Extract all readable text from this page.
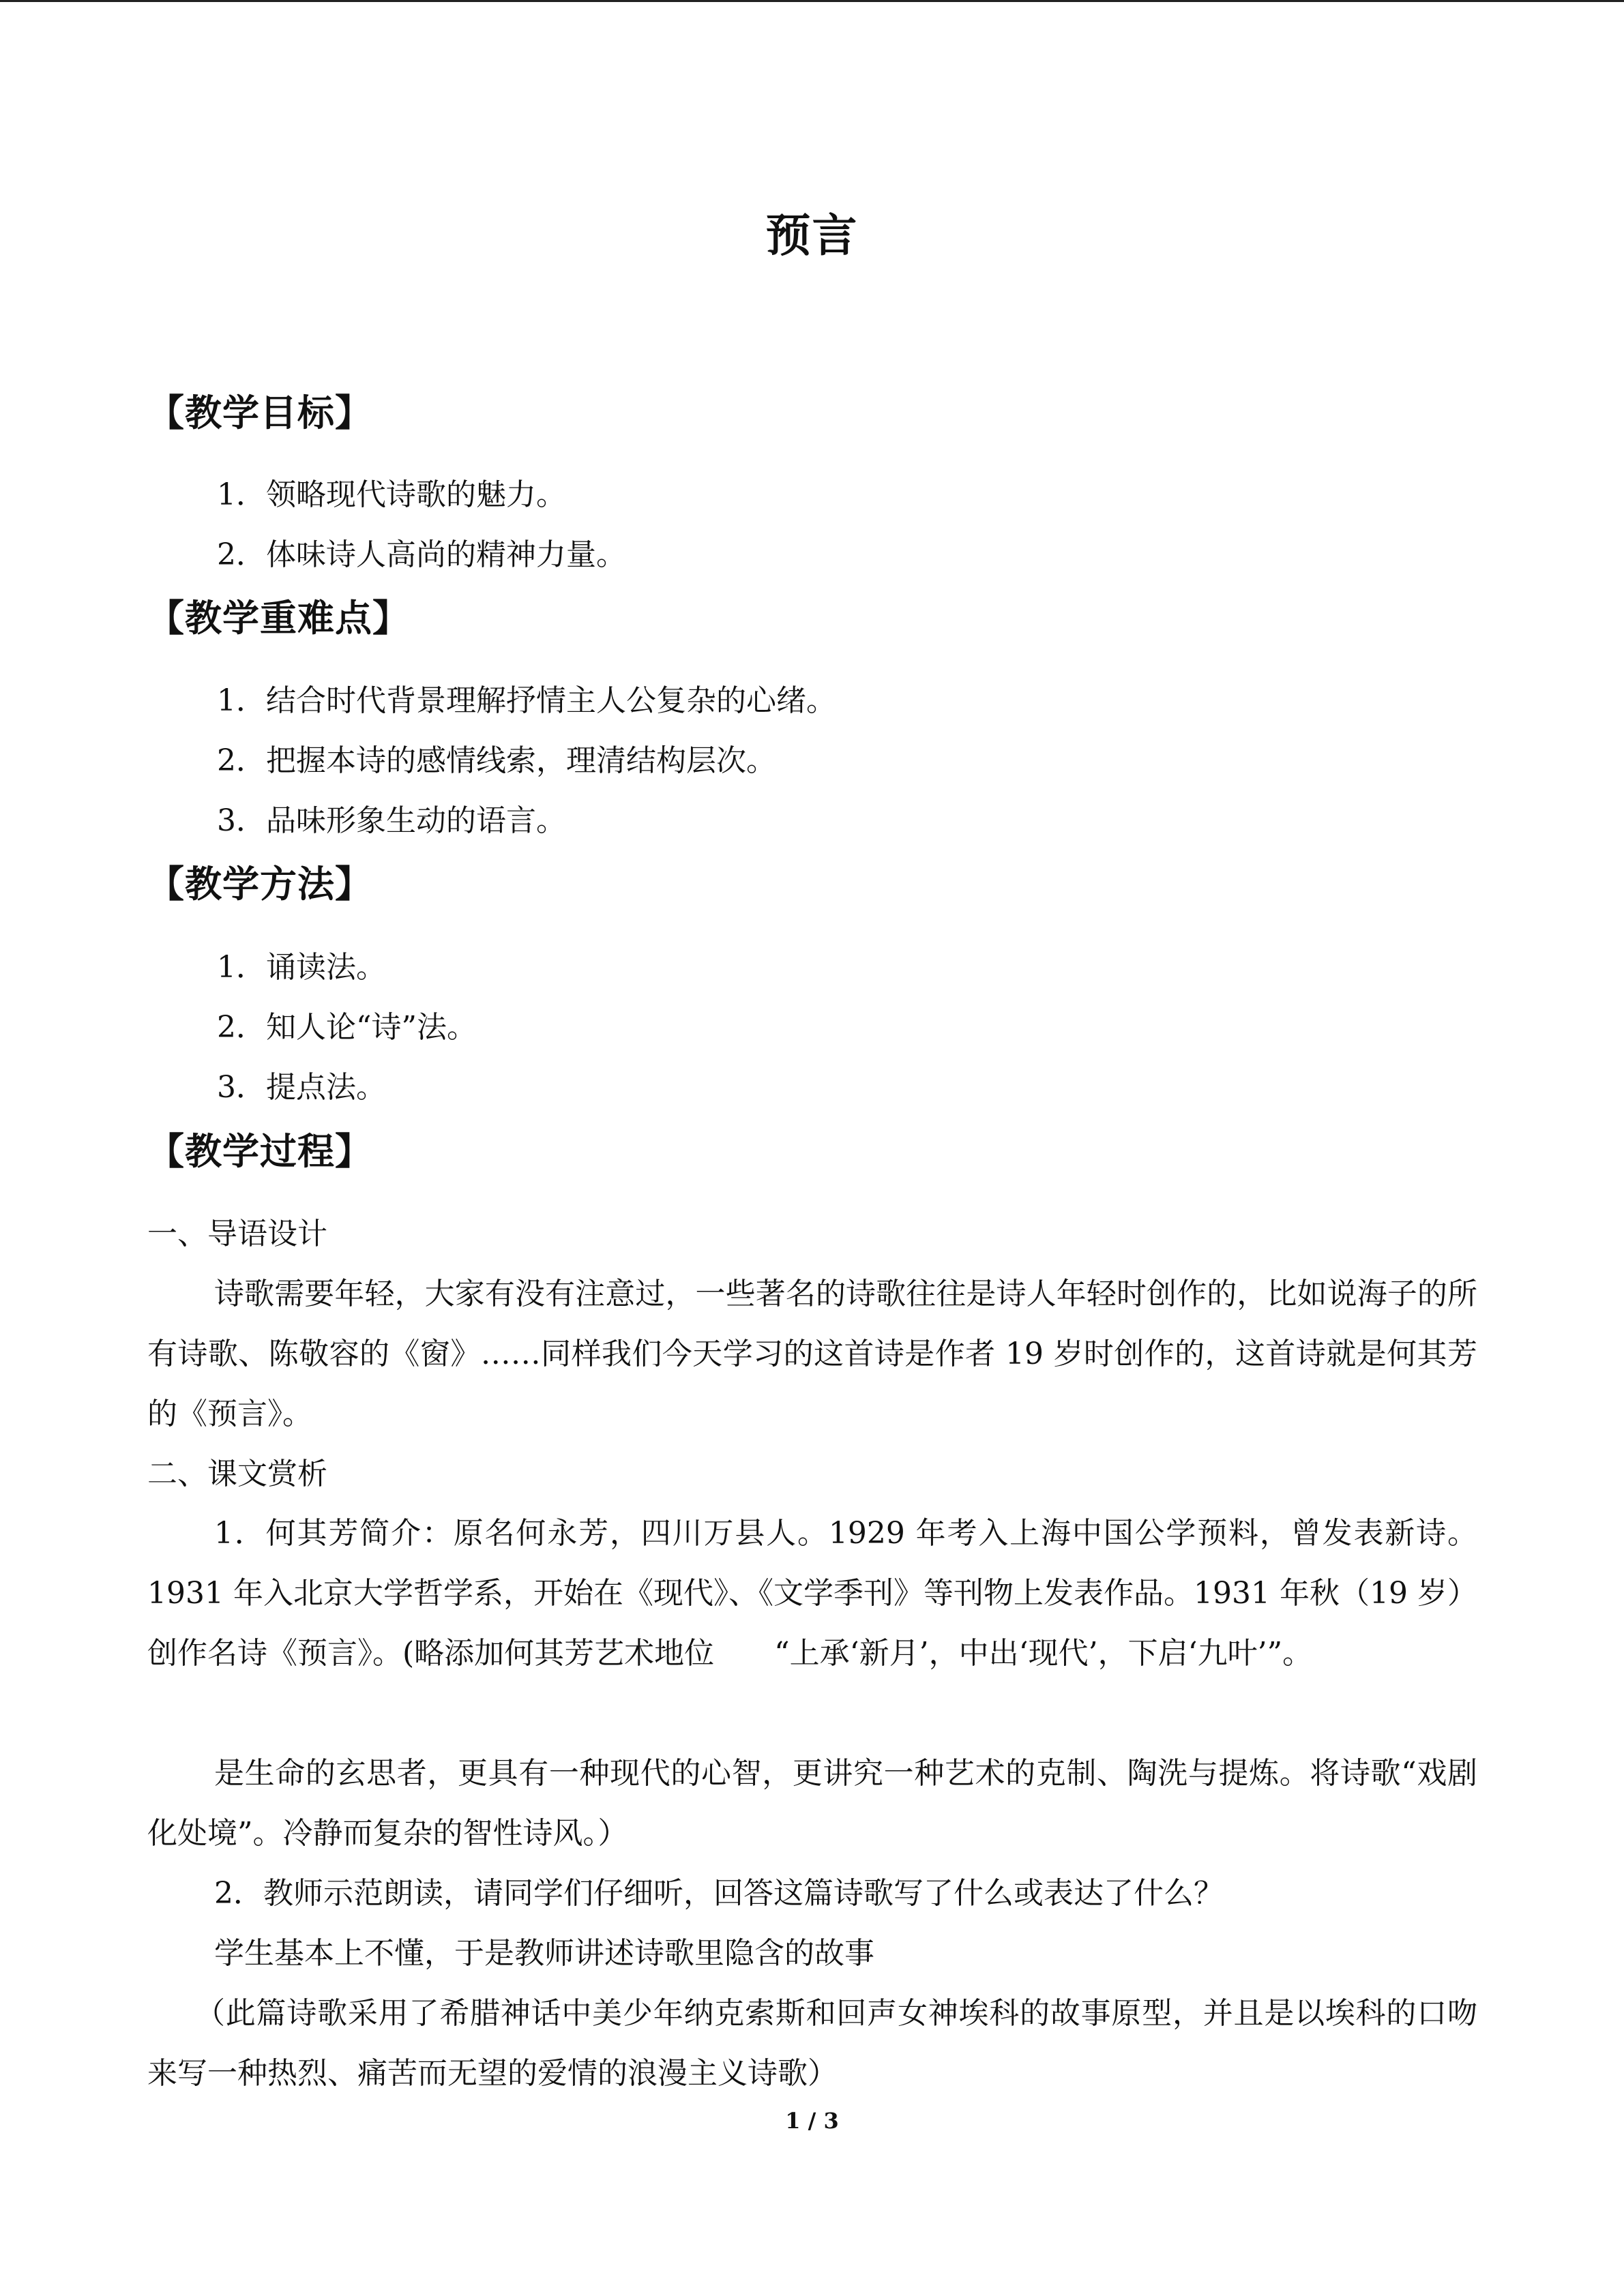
预言
【教学目标】
1．领略现代诗歌的魅力。
2．体味诗人高尚的精神力量。
【教学重难点】
1．结合时代背景理解抒情主人公复杂的心绪。
2．把握本诗的感情线索，理清结构层次。
3．品味形象生动的语言。
【教学方法】
1．诵读法。
2．知人论“诗”法。
3．提点法。
【教学过程】
一、导语设计
诗歌需要年轻，大家有没有注意过，一些著名的诗歌往往是诗人年轻时创作的，比如说海子的所有诗歌、陈敬容的《窗》……同样我们今天学习的这首诗是作者 19 岁时创作的，这首诗就是何其芳的《预言》。
二、课文赏析
1．何其芳简介：原名何永芳，四川万县人。1929 年考入上海中国公学预料，曾发表新诗。1931 年入北京大学哲学系，开始在《现代》、《文学季刊》等刊物上发表作品。1931 年秋（19 岁）创作名诗《预言》。(略添加何其芳艺术地位　　“上承‘新月’，中出‘现代’，下启‘九叶’”。
是生命的玄思者，更具有一种现代的心智，更讲究一种艺术的克制、陶洗与提炼。将诗歌“戏剧化处境”。冷静而复杂的智性诗风。）
2．教师示范朗读，请同学们仔细听，回答这篇诗歌写了什么或表达了什么？
学生基本上不懂，于是教师讲述诗歌里隐含的故事
（此篇诗歌采用了希腊神话中美少年纳克索斯和回声女神埃科的故事原型，并且是以埃科的口吻来写一种热烈、痛苦而无望的爱情的浪漫主义诗歌）
1 / 3
